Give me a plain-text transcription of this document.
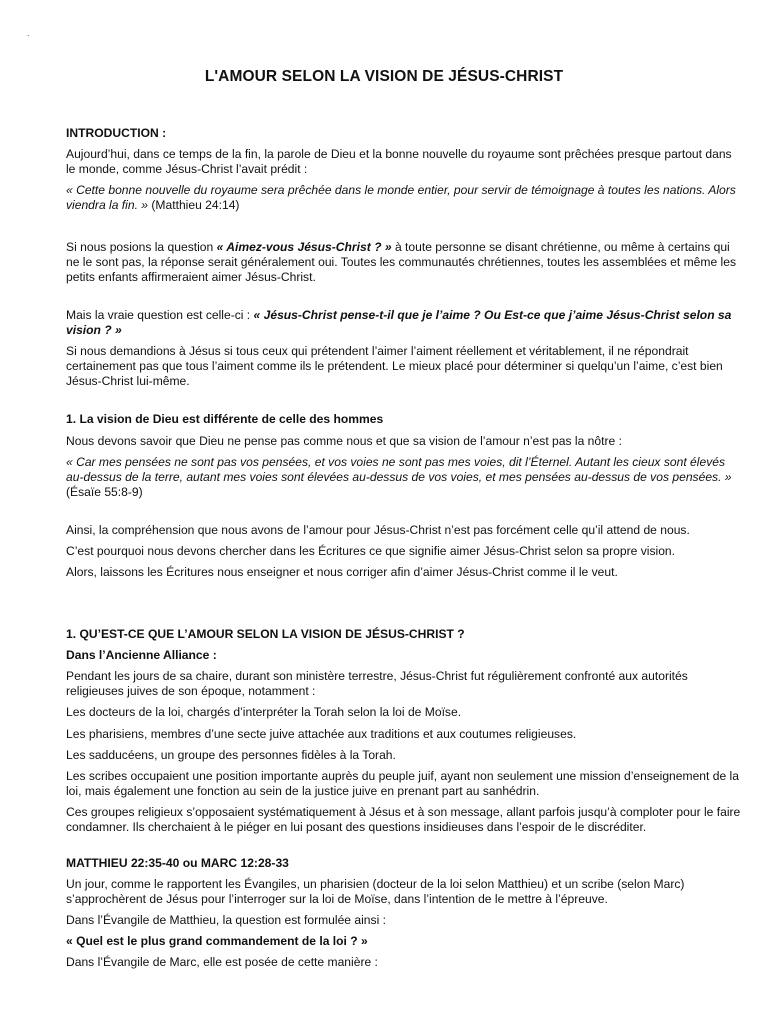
.
L'AMOUR SELON LA VISION DE JÉSUS-CHRIST

INTRODUCTION :

Aujourd’hui, dans ce temps de la fin, la parole de Dieu et la bonne nouvelle du royaume sont prêchées presque partout dans le monde, comme Jésus-Christ l’avait prédit :

« Cette bonne nouvelle du royaume sera prêchée dans le monde entier, pour servir de témoignage à toutes les nations. Alors viendra la fin. » (Matthieu 24:14)

Si nous posions la question « Aimez-vous Jésus-Christ ? » à toute personne se disant chrétienne, ou même à certains qui ne le sont pas, la réponse serait généralement oui. Toutes les communautés chrétiennes, toutes les assemblées et même les petits enfants affirmeraient aimer Jésus-Christ.

Mais la vraie question est celle-ci : « Jésus-Christ pense-t-il que je l’aime ? Ou Est-ce que j’aime Jésus-Christ selon sa vision ? »

Si nous demandions à Jésus si tous ceux qui prétendent l’aimer l’aiment réellement et véritablement, il ne répondrait certainement pas que tous l’aiment comme ils le prétendent. Le mieux placé pour déterminer si quelqu’un l’aime, c’est bien Jésus-Christ lui-même.

1. La vision de Dieu est différente de celle des hommes

Nous devons savoir que Dieu ne pense pas comme nous et que sa vision de l’amour n’est pas la nôtre :

« Car mes pensées ne sont pas vos pensées, et vos voies ne sont pas mes voies, dit l’Éternel. Autant les cieux sont élevés au-dessus de la terre, autant mes voies sont élevées au-dessus de vos voies, et mes pensées au-dessus de vos pensées. » (Ésaïe 55:8-9)

Ainsi, la compréhension que nous avons de l’amour pour Jésus-Christ n’est pas forcément celle qu’il attend de nous.

C’est pourquoi nous devons chercher dans les Écritures ce que signifie aimer Jésus-Christ selon sa propre vision.

Alors, laissons les Écritures nous enseigner et nous corriger afin d’aimer Jésus-Christ comme il le veut.

1. QU’EST-CE QUE L’AMOUR SELON LA VISION DE JÉSUS-CHRIST ?

Dans l’Ancienne Alliance :

Pendant les jours de sa chaire, durant son ministère terrestre, Jésus-Christ fut régulièrement confronté aux autorités religieuses juives de son époque, notamment :

Les docteurs de la loi, chargés d’interpréter la Torah selon la loi de Moïse.

Les pharisiens, membres d’une secte juive attachée aux traditions et aux coutumes religieuses.

Les sadducéens, un groupe des personnes fidèles à la Torah.

Les scribes occupaient une position importante auprès du peuple juif, ayant non seulement une mission d’enseignement de la loi, mais également une fonction au sein de la justice juive en prenant part au sanhédrin.

Ces groupes religieux s’opposaient systématiquement à Jésus et à son message, allant parfois jusqu’à comploter pour le faire condamner. Ils cherchaient à le piéger en lui posant des questions insidieuses dans l’espoir de le discréditer.

MATTHIEU 22:35-40 ou MARC 12:28-33

Un jour, comme le rapportent les Évangiles, un pharisien (docteur de la loi selon Matthieu) et un scribe (selon Marc) s’approchèrent de Jésus pour l’interroger sur la loi de Moïse, dans l’intention de le mettre à l’épreuve.

Dans l’Évangile de Matthieu, la question est formulée ainsi :

« Quel est le plus grand commandement de la loi ? »

Dans l’Évangile de Marc, elle est posée de cette manière :
